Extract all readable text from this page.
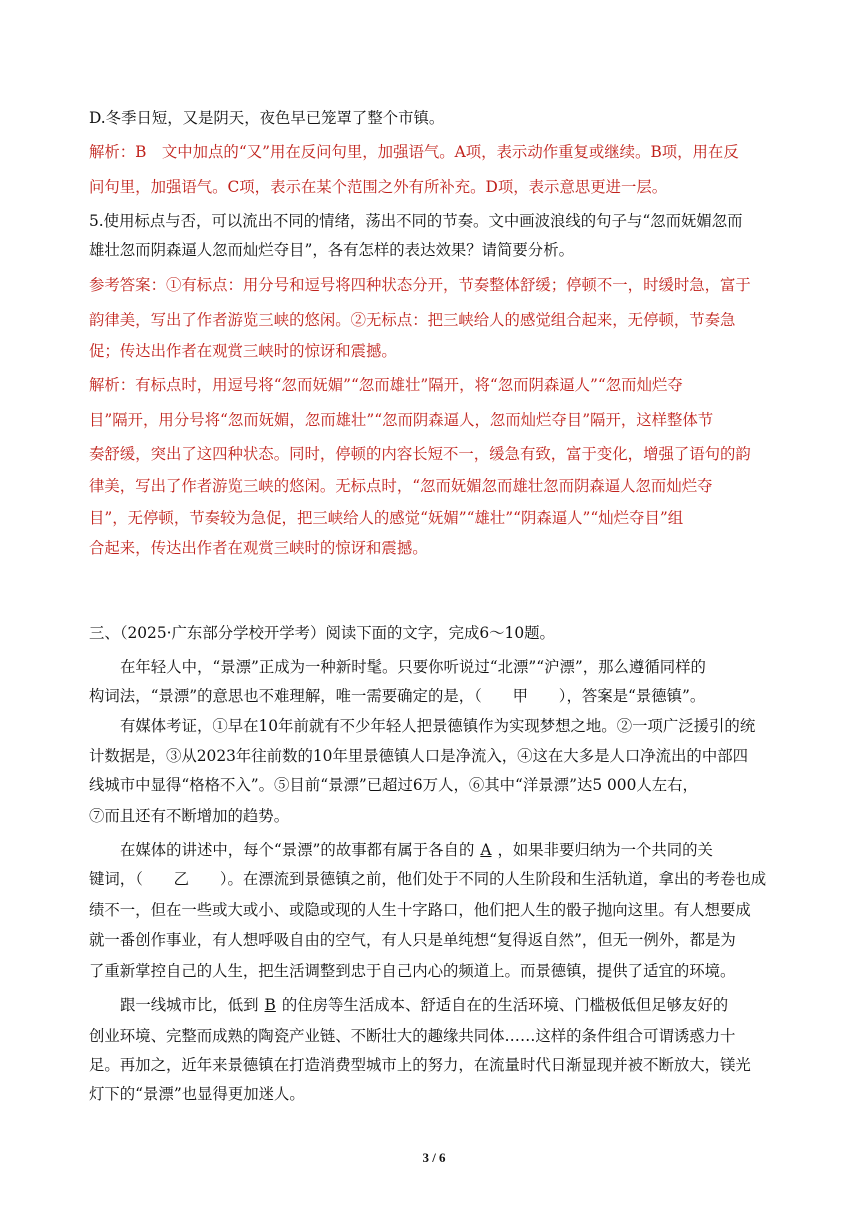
D.冬季日短，又是阴天，夜色早已笼罩了整个市镇。
解析：B　文中加点的“又”用在反问句里，加强语气。A项，表示动作重复或继续。B项，用在反
问句里，加强语气。C项，表示在某个范围之外有所补充。D项，表示意思更进一层。
5.使用标点与否，可以流出不同的情绪，荡出不同的节奏。文中画波浪线的句子与“忽而妩媚忽而
雄壮忽而阴森逼人忽而灿烂夺目”，各有怎样的表达效果？请简要分析。
参考答案：①有标点：用分号和逗号将四种状态分开，节奏整体舒缓；停顿不一，时缓时急，富于
韵律美，写出了作者游览三峡的悠闲。②无标点：把三峡给人的感觉组合起来，无停顿，节奏急
促；传达出作者在观赏三峡时的惊讶和震撼。
解析：有标点时，用逗号将“忽而妩媚”“忽而雄壮”隔开，将“忽而阴森逼人”“忽而灿烂夺
目”隔开，用分号将“忽而妩媚，忽而雄壮”“忽而阴森逼人，忽而灿烂夺目”隔开，这样整体节
奏舒缓，突出了这四种状态。同时，停顿的内容长短不一，缓急有致，富于变化，增强了语句的韵
律美，写出了作者游览三峡的悠闲。无标点时，“忽而妩媚忽而雄壮忽而阴森逼人忽而灿烂夺
目”，无停顿，节奏较为急促，把三峡给人的感觉“妩媚”“雄壮”“阴森逼人”“灿烂夺目”组
合起来，传达出作者在观赏三峡时的惊讶和震撼。
三、（2025·广东部分学校开学考）阅读下面的文字，完成6～10题。
在年轻人中，“景漂”正成为一种新时髦。只要你听说过“北漂”“沪漂”，那么遵循同样的
构词法，“景漂”的意思也不难理解，唯一需要确定的是，（　　甲　　），答案是“景德镇”。
有媒体考证，①早在10年前就有不少年轻人把景德镇作为实现梦想之地。②一项广泛援引的统
计数据是，③从2023年往前数的10年里景德镇人口是净流入，④这在大多是人口净流出的中部四
线城市中显得“格格不入”。⑤目前“景漂”已超过6万人，⑥其中“洋景漂”达5 000人左右，
⑦而且还有不断增加的趋势。
在媒体的讲述中，每个“景漂”的故事都有属于各自的 A ，如果非要归纳为一个共同的关
键词，（　　乙　　）。在漂流到景德镇之前，他们处于不同的人生阶段和生活轨道，拿出的考卷也成
绩不一，但在一些或大或小、或隐或现的人生十字路口，他们把人生的骰子抛向这里。有人想要成
就一番创作事业，有人想呼吸自由的空气，有人只是单纯想“复得返自然”，但无一例外，都是为
了重新掌控自己的人生，把生活调整到忠于自己内心的频道上。而景德镇，提供了适宜的环境。
跟一线城市比，低到 B 的住房等生活成本、舒适自在的生活环境、门槛极低但足够友好的
创业环境、完整而成熟的陶瓷产业链、不断壮大的趣缘共同体……这样的条件组合可谓诱惑力十
足。再加之，近年来景德镇在打造消费型城市上的努力，在流量时代日渐显现并被不断放大，镁光
灯下的“景漂”也显得更加迷人。
3 / 6
